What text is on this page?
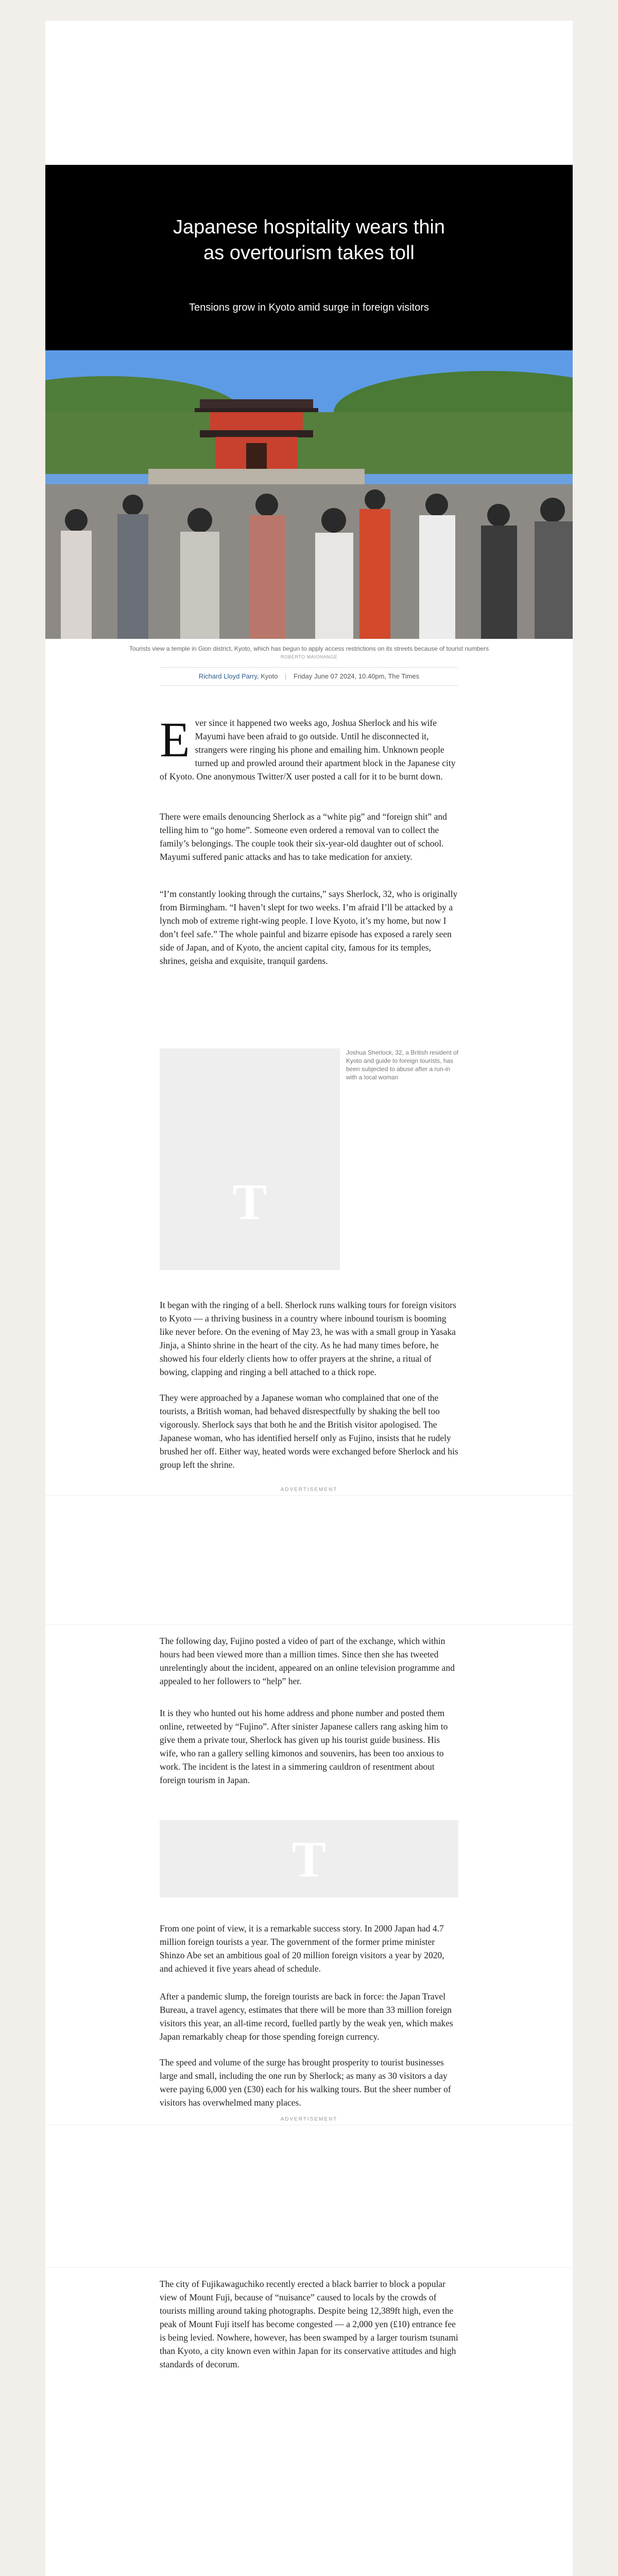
Japanese hospitality wears thin as overtourism takes toll
Tensions grow in Kyoto amid surge in foreign visitors
Tourists view a temple in Gion district, Kyoto, which has begun to apply access restrictions on its streets because of tourist numbers
ROBERTO MAIONANGE
Richard Lloyd Parry, Kyoto | Friday June 07 2024, 10.40pm, The Times

Ever since it happened two weeks ago, Joshua Sherlock and his wife Mayumi have been afraid to go outside. Until he disconnected it, strangers were ringing his phone and emailing him. Unknown people turned up and prowled around their apartment block in the Japanese city of Kyoto. One anonymous Twitter/X user posted a call for it to be burnt down.

There were emails denouncing Sherlock as a “white pig” and “foreign shit” and telling him to “go home”. Someone even ordered a removal van to collect the family’s belongings. The couple took their six-year-old daughter out of school. Mayumi suffered panic attacks and has to take medication for anxiety.

“I’m constantly looking through the curtains,” says Sherlock, 32, who is originally from Birmingham. “I haven’t slept for two weeks. I’m afraid I’ll be attacked by a lynch mob of extreme right-wing people. I love Kyoto, it’s my home, but now I don’t feel safe.” The whole painful and bizarre episode has exposed a rarely seen side of Japan, and of Kyoto, the ancient capital city, famous for its temples, shrines, geisha and exquisite, tranquil gardens.

T
Joshua Sherlock, 32, a British resident of Kyoto and guide to foreign tourists, has been subjected to abuse after a run-in with a local woman

It began with the ringing of a bell. Sherlock runs walking tours for foreign visitors to Kyoto — a thriving business in a country where inbound tourism is booming like never before. On the evening of May 23, he was with a small group in Yasaka Jinja, a Shinto shrine in the heart of the city. As he had many times before, he showed his four elderly clients how to offer prayers at the shrine, a ritual of bowing, clapping and ringing a bell attached to a thick rope.

They were approached by a Japanese woman who complained that one of the tourists, a British woman, had behaved disrespectfully by shaking the bell too vigorously. Sherlock says that both he and the British visitor apologised. The Japanese woman, who has identified herself only as Fujino, insists that he rudely brushed her off. Either way, heated words were exchanged before Sherlock and his group left the shrine.

ADVERTISEMENT

The following day, Fujino posted a video of part of the exchange, which within hours had been viewed more than a million times. Since then she has tweeted unrelentingly about the incident, appeared on an online television programme and appealed to her followers to “help” her.

It is they who hunted out his home address and phone number and posted them online, retweeted by “Fujino”. After sinister Japanese callers rang asking him to give them a private tour, Sherlock has given up his tourist guide business. His wife, who ran a gallery selling kimonos and souvenirs, has been too anxious to work. The incident is the latest in a simmering cauldron of resentment about foreign tourism in Japan.

T

From one point of view, it is a remarkable success story. In 2000 Japan had 4.7 million foreign tourists a year. The government of the former prime minister Shinzo Abe set an ambitious goal of 20 million foreign visitors a year by 2020, and achieved it five years ahead of schedule.

After a pandemic slump, the foreign tourists are back in force: the Japan Travel Bureau, a travel agency, estimates that there will be more than 33 million foreign visitors this year, an all-time record, fuelled partly by the weak yen, which makes Japan remarkably cheap for those spending foreign currency.

The speed and volume of the surge has brought prosperity to tourist businesses large and small, including the one run by Sherlock; as many as 30 visitors a day were paying 6,000 yen (£30) each for his walking tours. But the sheer number of visitors has overwhelmed many places.

ADVERTISEMENT

The city of Fujikawaguchiko recently erected a black barrier to block a popular view of Mount Fuji, because of “nuisance” caused to locals by the crowds of tourists milling around taking photographs. Despite being 12,389ft high, even the peak of Mount Fuji itself has become congested — a 2,000 yen (£10) entrance fee is being levied. Nowhere, however, has been swamped by a larger tourism tsunami than Kyoto, a city known even within Japan for its conservative attitudes and high standards of decorum.
